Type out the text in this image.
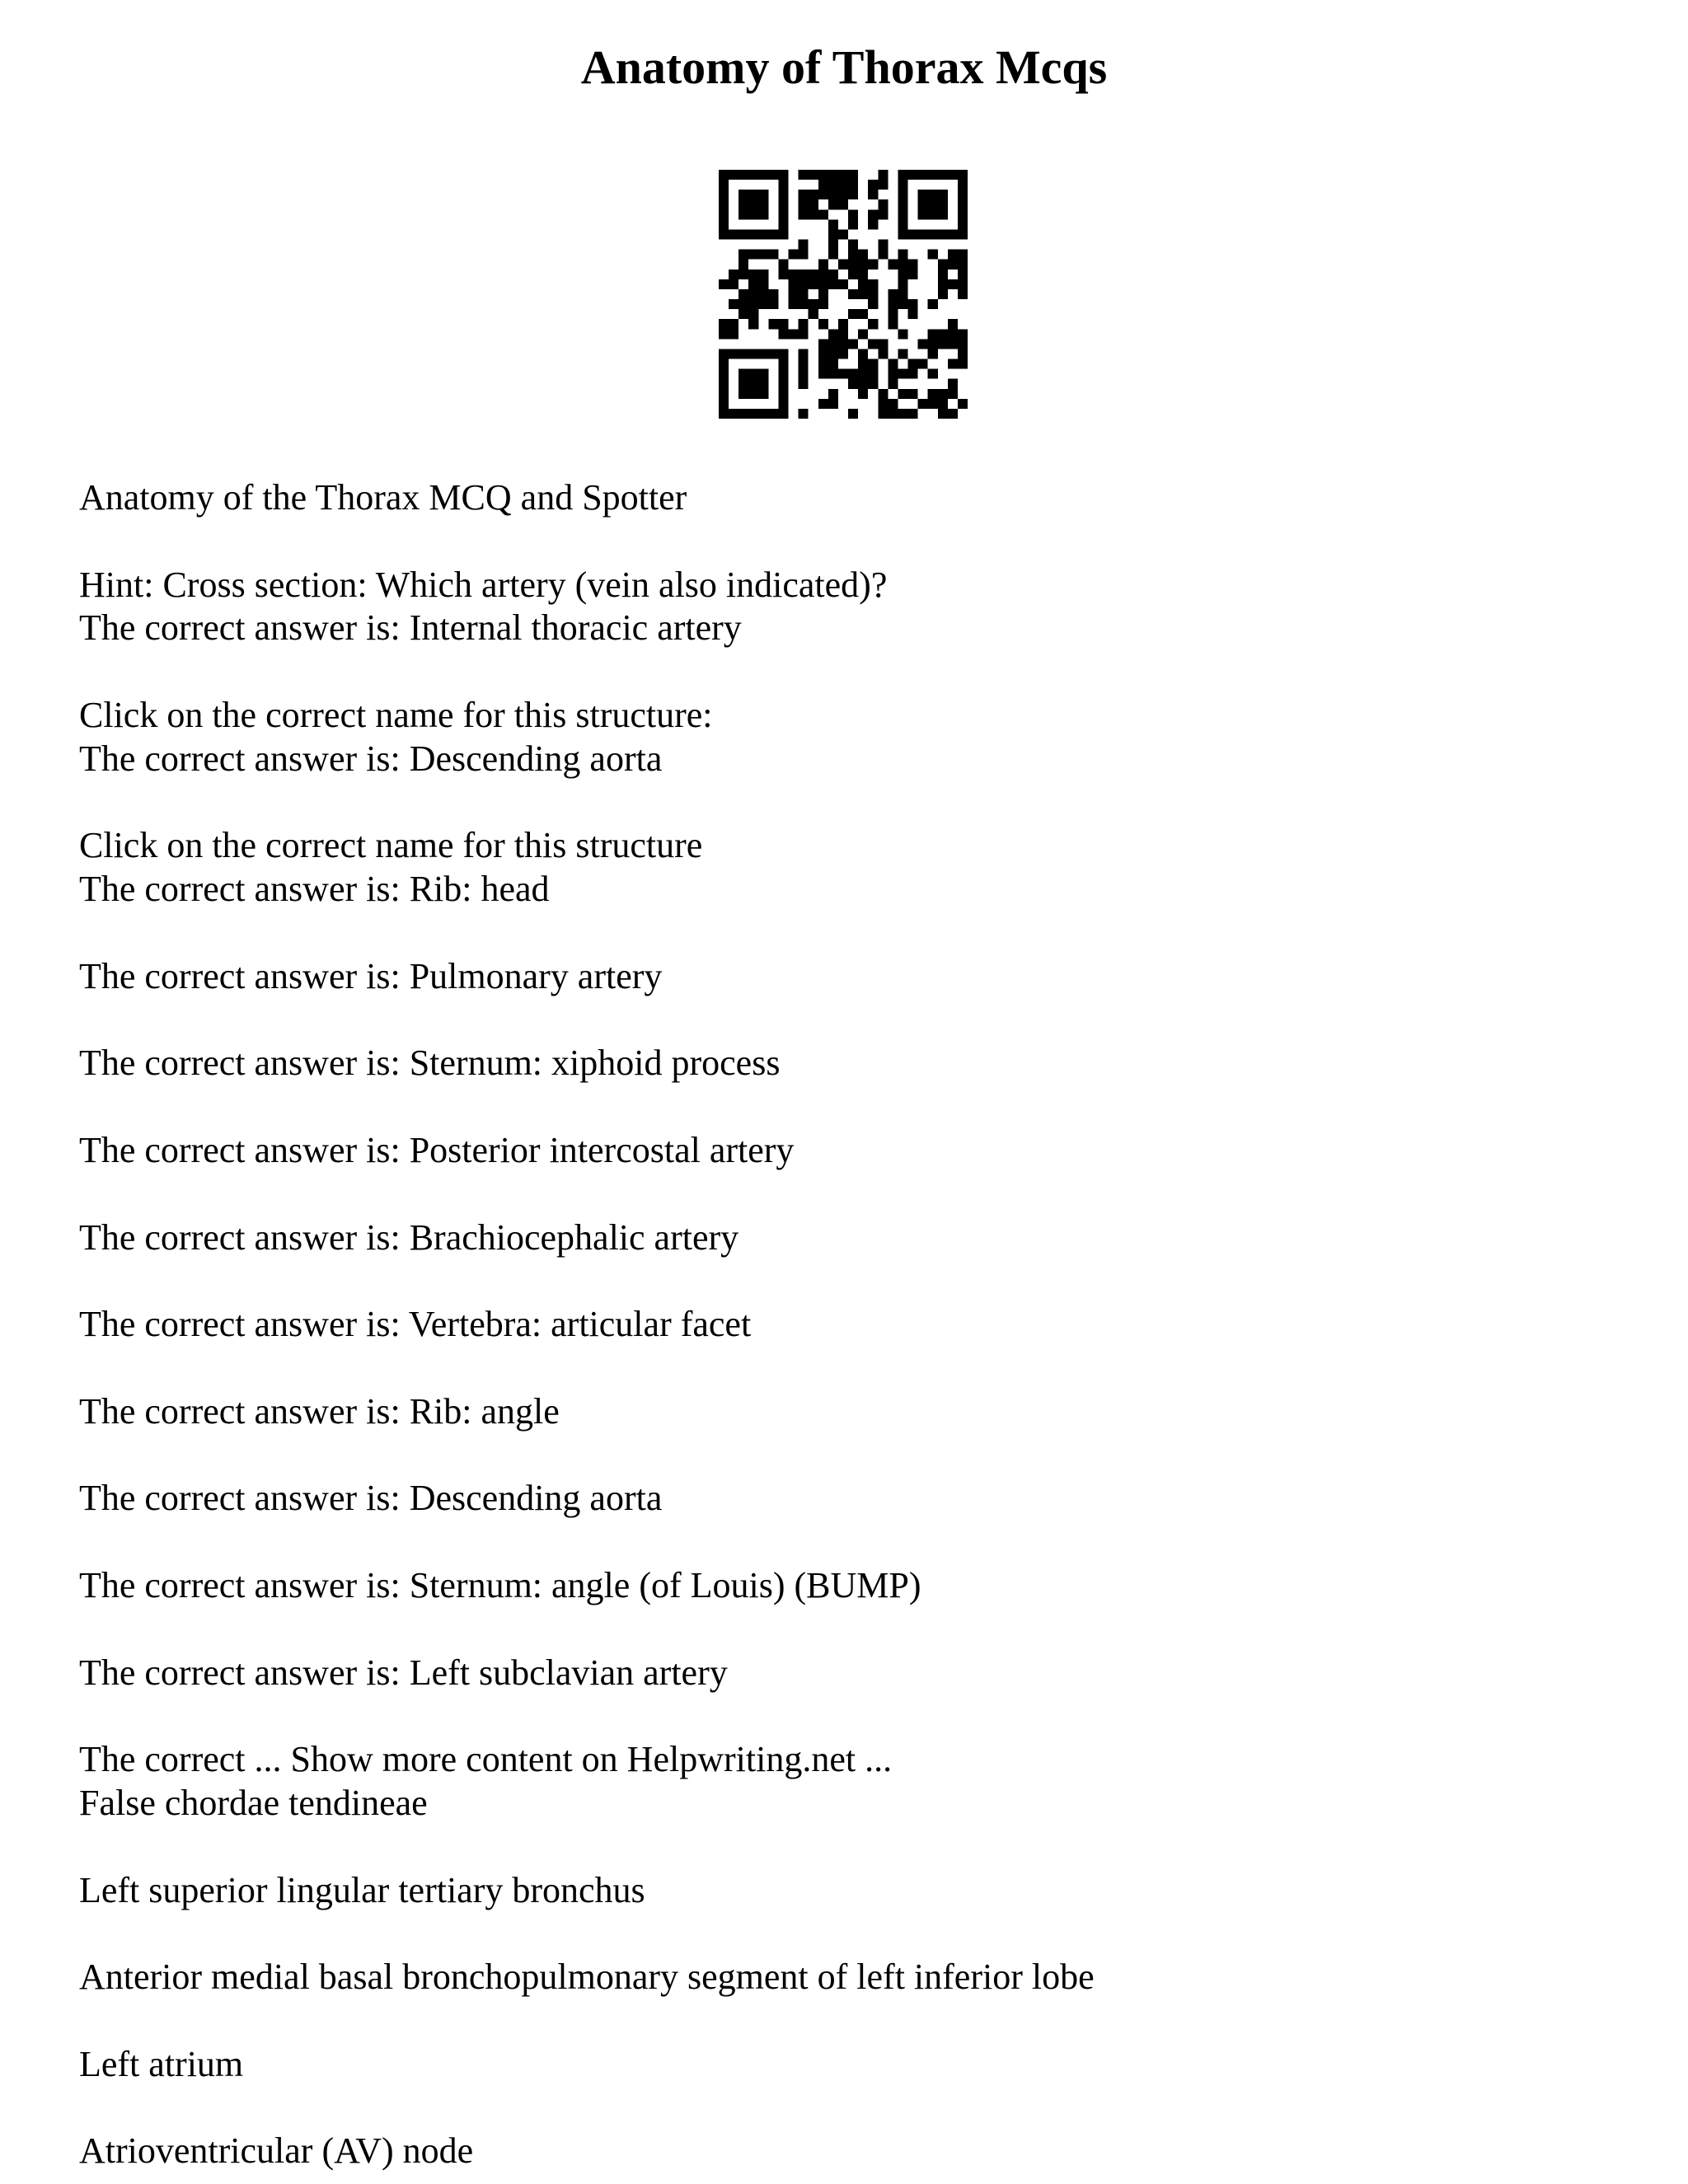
Anatomy of Thorax Mcqs
Anatomy of the Thorax MCQ and Spotter
Hint: Cross section: Which artery (vein also indicated)?
The correct answer is: Internal thoracic artery
Click on the correct name for this structure:
The correct answer is: Descending aorta
Click on the correct name for this structure
The correct answer is: Rib: head
The correct answer is: Pulmonary artery
The correct answer is: Sternum: xiphoid process
The correct answer is: Posterior intercostal artery
The correct answer is: Brachiocephalic artery
The correct answer is: Vertebra: articular facet
The correct answer is: Rib: angle
The correct answer is: Descending aorta
The correct answer is: Sternum: angle (of Louis) (BUMP)
The correct answer is: Left subclavian artery
The correct ... Show more content on Helpwriting.net ...
False chordae tendineae
Left superior lingular tertiary bronchus
Anterior medial basal bronchopulmonary segment of left inferior lobe
Left atrium
Atrioventricular (AV) node
